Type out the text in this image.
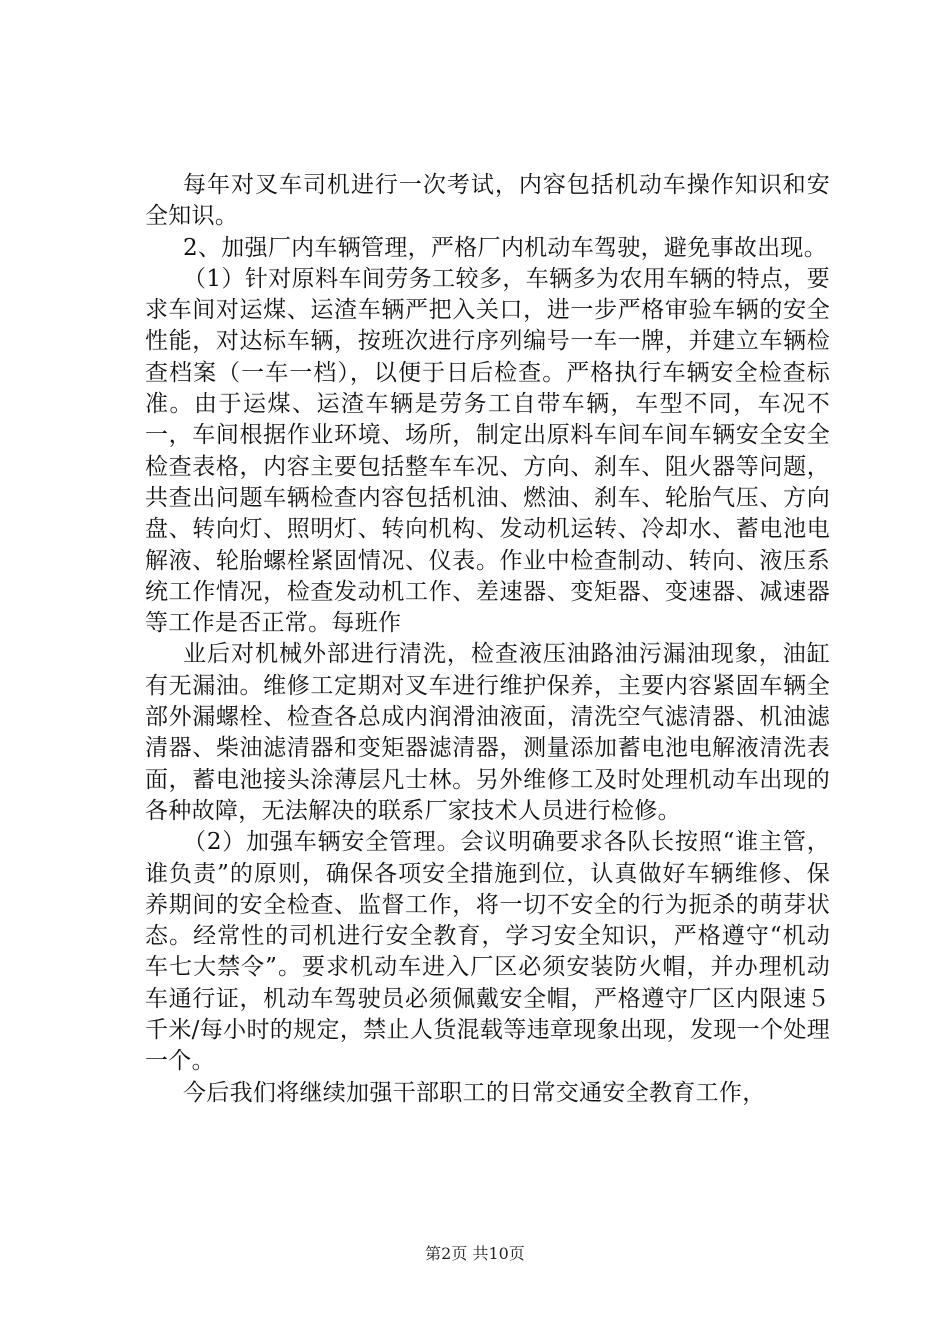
每年对叉车司机进行一次考试，内容包括机动车操作知识和安全知识。

2、加强厂内车辆管理，严格厂内机动车驾驶，避免事故出现。

（1）针对原料车间劳务工较多，车辆多为农用车辆的特点，要求车间对运煤、运渣车辆严把入关口，进一步严格审验车辆的安全性能，对达标车辆，按班次进行序列编号一车一牌，并建立车辆检查档案（一车一档），以便于日后检查。严格执行车辆安全检查标准。由于运煤、运渣车辆是劳务工自带车辆，车型不同，车况不一，车间根据作业环境、场所，制定出原料车间车间车辆安全安全检查表格，内容主要包括整车车况、方向、刹车、阻火器等问题，共查出问题车辆检查内容包括机油、燃油、刹车、轮胎气压、方向盘、转向灯、照明灯、转向机构、发动机运转、冷却水、蓄电池电解液、轮胎螺栓紧固情况、仪表。作业中检查制动、转向、液压系统工作情况，检查发动机工作、差速器、变矩器、变速器、减速器等工作是否正常。每班作

业后对机械外部进行清洗，检查液压油路油污漏油现象，油缸有无漏油。维修工定期对叉车进行维护保养，主要内容紧固车辆全部外漏螺栓、检查各总成内润滑油液面，清洗空气滤清器、机油滤清器、柴油滤清器和变矩器滤清器，测量添加蓄电池电解液清洗表面，蓄电池接头涂薄层凡士林。另外维修工及时处理机动车出现的各种故障，无法解决的联系厂家技术人员进行检修。

（2）加强车辆安全管理。会议明确要求各队长按照“谁主管，谁负责”的原则，确保各项安全措施到位，认真做好车辆维修、保养期间的安全检查、监督工作，将一切不安全的行为扼杀的萌芽状态。经常性的司机进行安全教育，学习安全知识，严格遵守“机动车七大禁令”。要求机动车进入厂区必须安装防火帽，并办理机动车通行证，机动车驾驶员必须佩戴安全帽，严格遵守厂区内限速５千米/每小时的规定，禁止人货混载等违章现象出现，发现一个处理一个。

今后我们将继续加强干部职工的日常交通安全教育工作，

第2页 共10页
